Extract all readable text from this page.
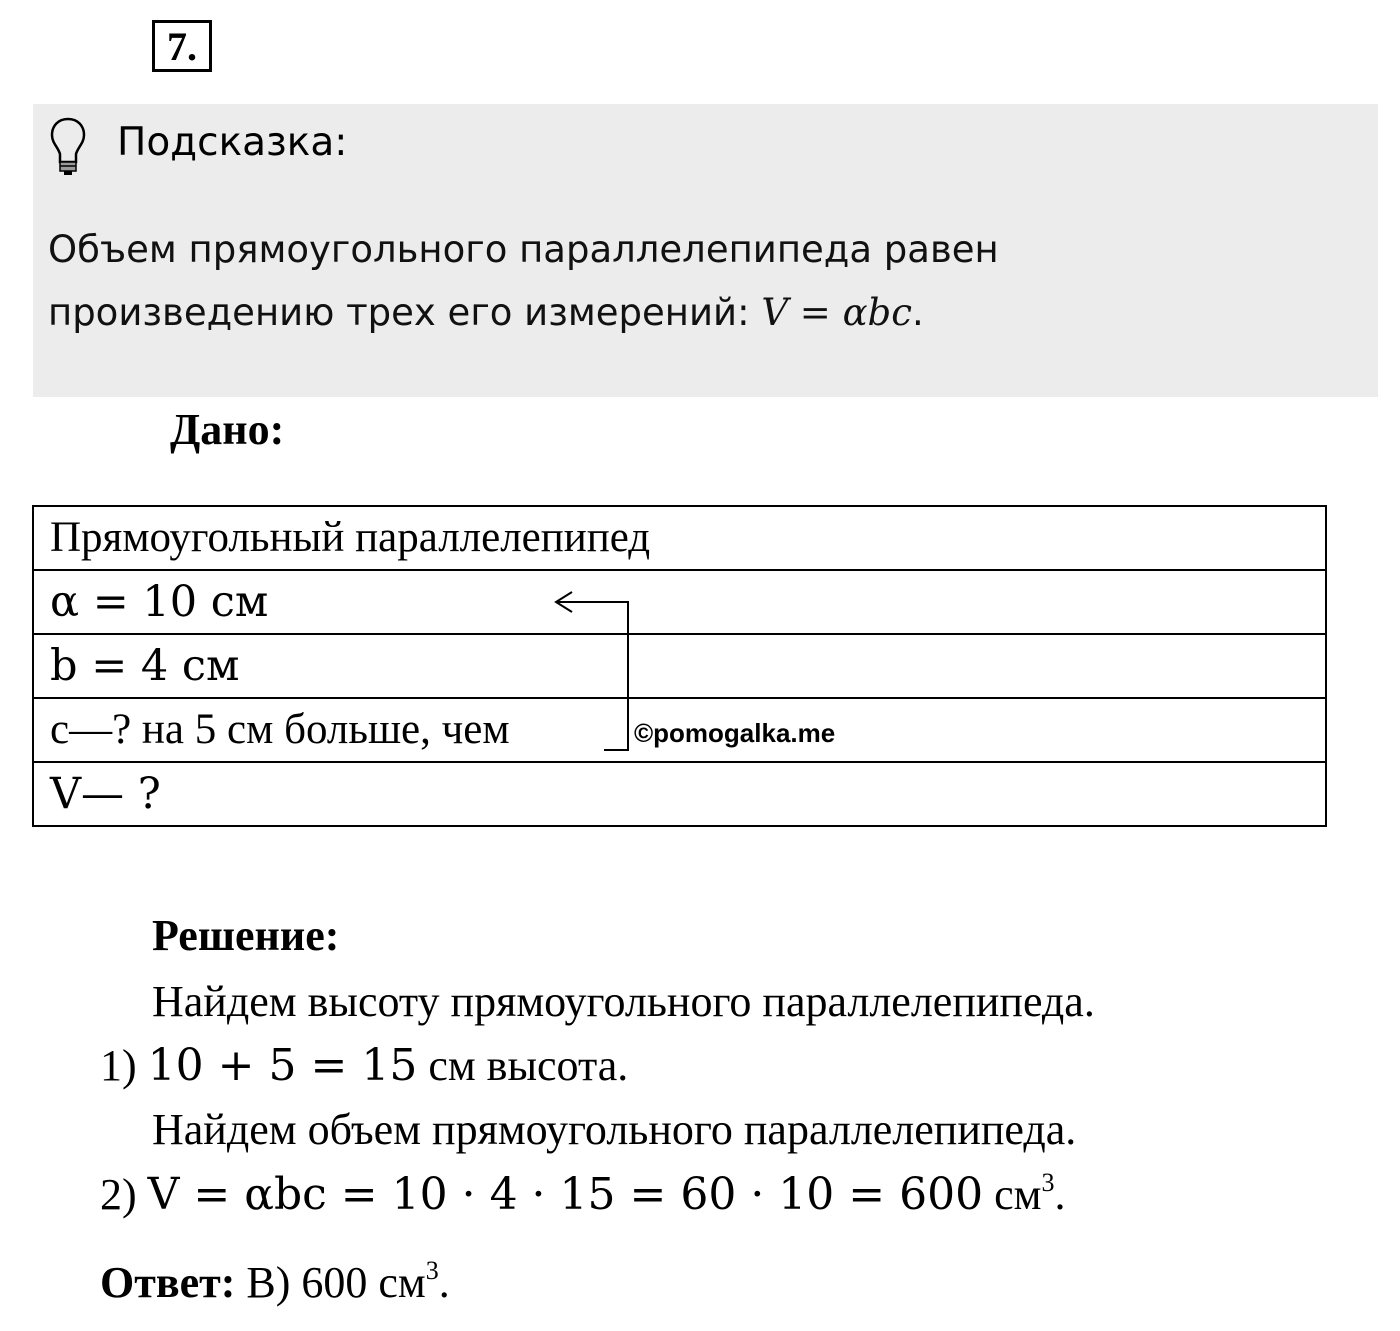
7.
Подсказка:
Объем прямоугольного параллелепипеда равен
произведению трех его измерений: V = αbc.
Дано:
Прямоугольный параллелепипед
α = 10 см
b = 4 см
c—? на 5 см больше, чем
V— ?
©pomogalka.me
Решение:
Найдем высоту прямоугольного параллелепипеда.
1) 10 + 5 = 15 см высота.
Найдем объем прямоугольного параллелепипеда.
2) V = αbc = 10 · 4 · 15 = 60 · 10 = 600 $см^3$.
Ответ: В) 600 $см^3$.
